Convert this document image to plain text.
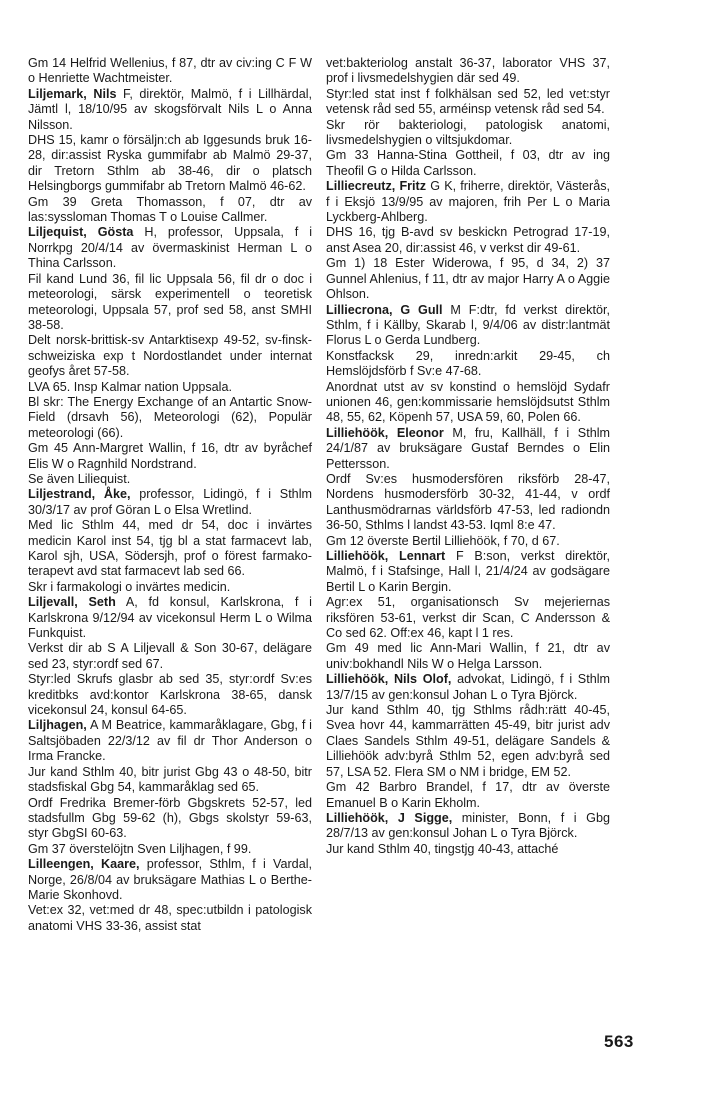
Gm 14 Helfrid Wellenius, f 87, dtr av civ:ing C F W o Henriette Wachtmeister.

Liljemark, Nils F, direktör, Malmö, f i Lillhärdal, Jämtl l, 18/10/95 av skogsförvalt Nils L o Anna Nilsson.

DHS 15, kamr o försäljn:ch ab Iggesunds bruk 16-28, dir:assist Ryska gummifabr ab Malmö 29-37, dir Tretorn Sthlm ab 38-46, dir o platsch Helsingborgs gummifabr ab Tretorn Malmö 46-62.

Gm 39 Greta Thomasson, f 07, dtr av las:syssloman Thomas T o Louise Callmer.

Liljequist, Gösta H, professor, Uppsala, f i Norrkpg 20/4/14 av övermaskinist Herman L o Thina Carlsson.

Fil kand Lund 36, fil lic Uppsala 56, fil dr o doc i meteorologi, särsk experimentell o teoretisk meteorologi, Uppsala 57, prof sed 58, anst SMHI 38-58.

Delt norsk-brittisk-sv Antarktisexp 49-52, sv-finsk-schweiziska exp t Nordostlandet under internat geofys året 57-58.

LVA 65. Insp Kalmar nation Uppsala.

Bl skr: The Energy Exchange of an Antartic Snow-Field (drsavh 56), Meteorologi (62), Populär meteorologi (66).

Gm 45 Ann-Margret Wallin, f 16, dtr av byråchef Elis W o Ragnhild Nordstrand.

Se även Liliequist.

Liljestrand, Åke, professor, Lidingö, f i Sthlm 30/3/17 av prof Göran L o Elsa Wretlind.

Med lic Sthlm 44, med dr 54, doc i invärtes medicin Karol inst 54, tjg bl a stat farmacevt lab, Karol sjh, USA, Södersjh, prof o förest farmako-terapevt avd stat farmacevt lab sed 66.

Skr i farmakologi o invärtes medicin.

Liljevall, Seth A, fd konsul, Karlskrona, f i Karlskrona 9/12/94 av vicekonsul Herm L o Wilma Funkquist.

Verkst dir ab S A Liljevall & Son 30-67, delägare sed 23, styr:ordf sed 67.

Styr:led Skrufs glasbr ab sed 35, styr:ordf Sv:es kreditbks avd:kontor Karlskrona 38-65, dansk vicekonsul 24, konsul 64-65.

Liljhagen, A M Beatrice, kammaråklagare, Gbg, f i Saltsjöbaden 22/3/12 av fil dr Thor Anderson o Irma Francke.

Jur kand Sthlm 40, bitr jurist Gbg 43 o 48-50, bitr stadsfiskal Gbg 54, kammaråklag sed 65.

Ordf Fredrika Bremer-förb Gbgskrets 52-57, led stadsfullm Gbg 59-62 (h), Gbgs skolstyr 59-63, styr GbgSI 60-63.

Gm 37 överstelöjtn Sven Liljhagen, f 99.

Lilleengen, Kaare, professor, Sthlm, f i Vardal, Norge, 26/8/04 av bruksägare Mathias L o Berthe-Marie Skonhovd.

Vet:ex 32, vet:med dr 48, spec:utbildn i patologisk anatomi VHS 33-36, assist stat

vet:bakteriolog anstalt 36-37, laborator VHS 37, prof i livsmedelshygien där sed 49.

Styr:led stat inst f folkhälsan sed 52, led vet:styr vetensk råd sed 55, arméinsp vetensk råd sed 54.

Skr rör bakteriologi, patologisk anatomi, livsmedelshygien o viltsjukdomar.

Gm 33 Hanna-Stina Gottheil, f 03, dtr av ing Theofil G o Hilda Carlsson.

Lilliecreutz, Fritz G K, friherre, direktör, Västerås, f i Eksjö 13/9/95 av majoren, frih Per L o Maria Lyckberg-Ahlberg.

DHS 16, tjg B-avd sv beskickn Petrograd 17-19, anst Asea 20, dir:assist 46, v verkst dir 49-61.

Gm 1) 18 Ester Widerowa, f 95, d 34, 2) 37 Gunnel Ahlenius, f 11, dtr av major Harry A o Aggie Ohlson.

Lilliecrona, G Gull M F:dtr, fd verkst direktör, Sthlm, f i Källby, Skarab l, 9/4/06 av distr:lantmät Florus L o Gerda Lundberg.

Konstfacksk 29, inredn:arkit 29-45, ch Hemslöjdsförb f Sv:e 47-68.

Anordnat utst av sv konstind o hemslöjd Sydafr unionen 46, gen:kommissarie hemslöjdsutst Sthlm 48, 55, 62, Köpenh 57, USA 59, 60, Polen 66.

Lilliehöök, Eleonor M, fru, Kallhäll, f i Sthlm 24/1/87 av bruksägare Gustaf Berndes o Elin Pettersson.

Ordf Sv:es husmodersfören riksförb 28-47, Nordens husmodersförb 30-32, 41-44, v ordf Lanthusmödrarnas världsförb 47-53, led radiondn 36-50, Sthlms l landst 43-53. Iqml 8:e 47.

Gm 12 överste Bertil Lilliehöök, f 70, d 67.

Lilliehöök, Lennart F B:son, verkst direktör, Malmö, f i Stafsinge, Hall l, 21/4/24 av godsägare Bertil L o Karin Bergin.

Agr:ex 51, organisationsch Sv mejeriernas riksfören 53-61, verkst dir Scan, C Andersson & Co sed 62. Off:ex 46, kapt l 1 res.

Gm 49 med lic Ann-Mari Wallin, f 21, dtr av univ:bokhandl Nils W o Helga Larsson.

Lilliehöök, Nils Olof, advokat, Lidingö, f i Sthlm 13/7/15 av gen:konsul Johan L o Tyra Björck.

Jur kand Sthlm 40, tjg Sthlms rådh:rätt 40-45, Svea hovr 44, kammarrätten 45-49, bitr jurist adv Claes Sandels Sthlm 49-51, delägare Sandels & Lilliehöök adv:byrå Sthlm 52, egen adv:byrå sed 57, LSA 52. Flera SM o NM i bridge, EM 52.

Gm 42 Barbro Brandel, f 17, dtr av överste Emanuel B o Karin Ekholm.

Lilliehöök, J Sigge, minister, Bonn, f i Gbg 28/7/13 av gen:konsul Johan L o Tyra Björck.

Jur kand Sthlm 40, tingstjg 40-43, attaché

563
